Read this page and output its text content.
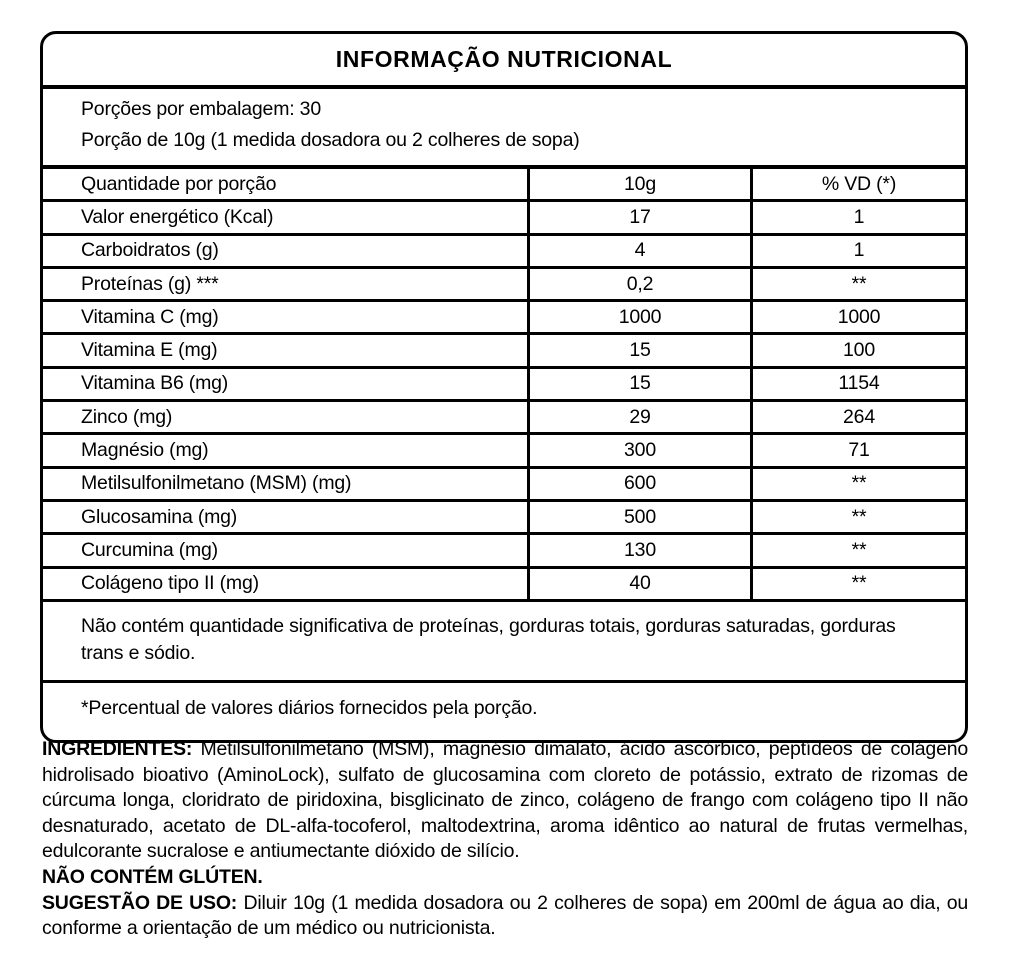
INFORMAÇÃO NUTRICIONAL
Porções por embalagem: 30
Porção de 10g (1 medida dosadora ou 2 colheres de sopa)
Quantidade por porção	10g	% VD (*)
Valor energético (Kcal)	17	1
Carboidratos (g)	4	1
Proteínas (g) ***	0,2	**
Vitamina C (mg)	1000	1000
Vitamina E (mg)	15	100
Vitamina B6 (mg)	15	1154
Zinco (mg)	29	264
Magnésio (mg)	300	71
Metilsulfonilmetano (MSM) (mg)	600	**
Glucosamina (mg)	500	**
Curcumina (mg)	130	**
Colágeno tipo II (mg)	40	**
Não contém quantidade significativa de proteínas, gorduras totais, gorduras saturadas, gorduras trans e sódio.
*Percentual de valores diários fornecidos pela porção.

INGREDIENTES: Metilsulfonilmetano (MSM), magnésio dimalato, ácido ascórbico, peptídeos de colágeno hidrolisado bioativo (AminoLock), sulfato de glucosamina com cloreto de potássio, extrato de rizomas de cúrcuma longa, cloridrato de piridoxina, bisglicinato de zinco, colágeno de frango com colágeno tipo II não desnaturado, acetato de DL-alfa-tocoferol, maltodextrina, aroma idêntico ao natural de frutas vermelhas, edulcorante sucralose e antiumectante dióxido de silício.

NÃO CONTÉM GLÚTEN.

SUGESTÃO DE USO: Diluir 10g (1 medida dosadora ou 2 colheres de sopa) em 200ml de água ao dia, ou conforme a orientação de um médico ou nutricionista.
